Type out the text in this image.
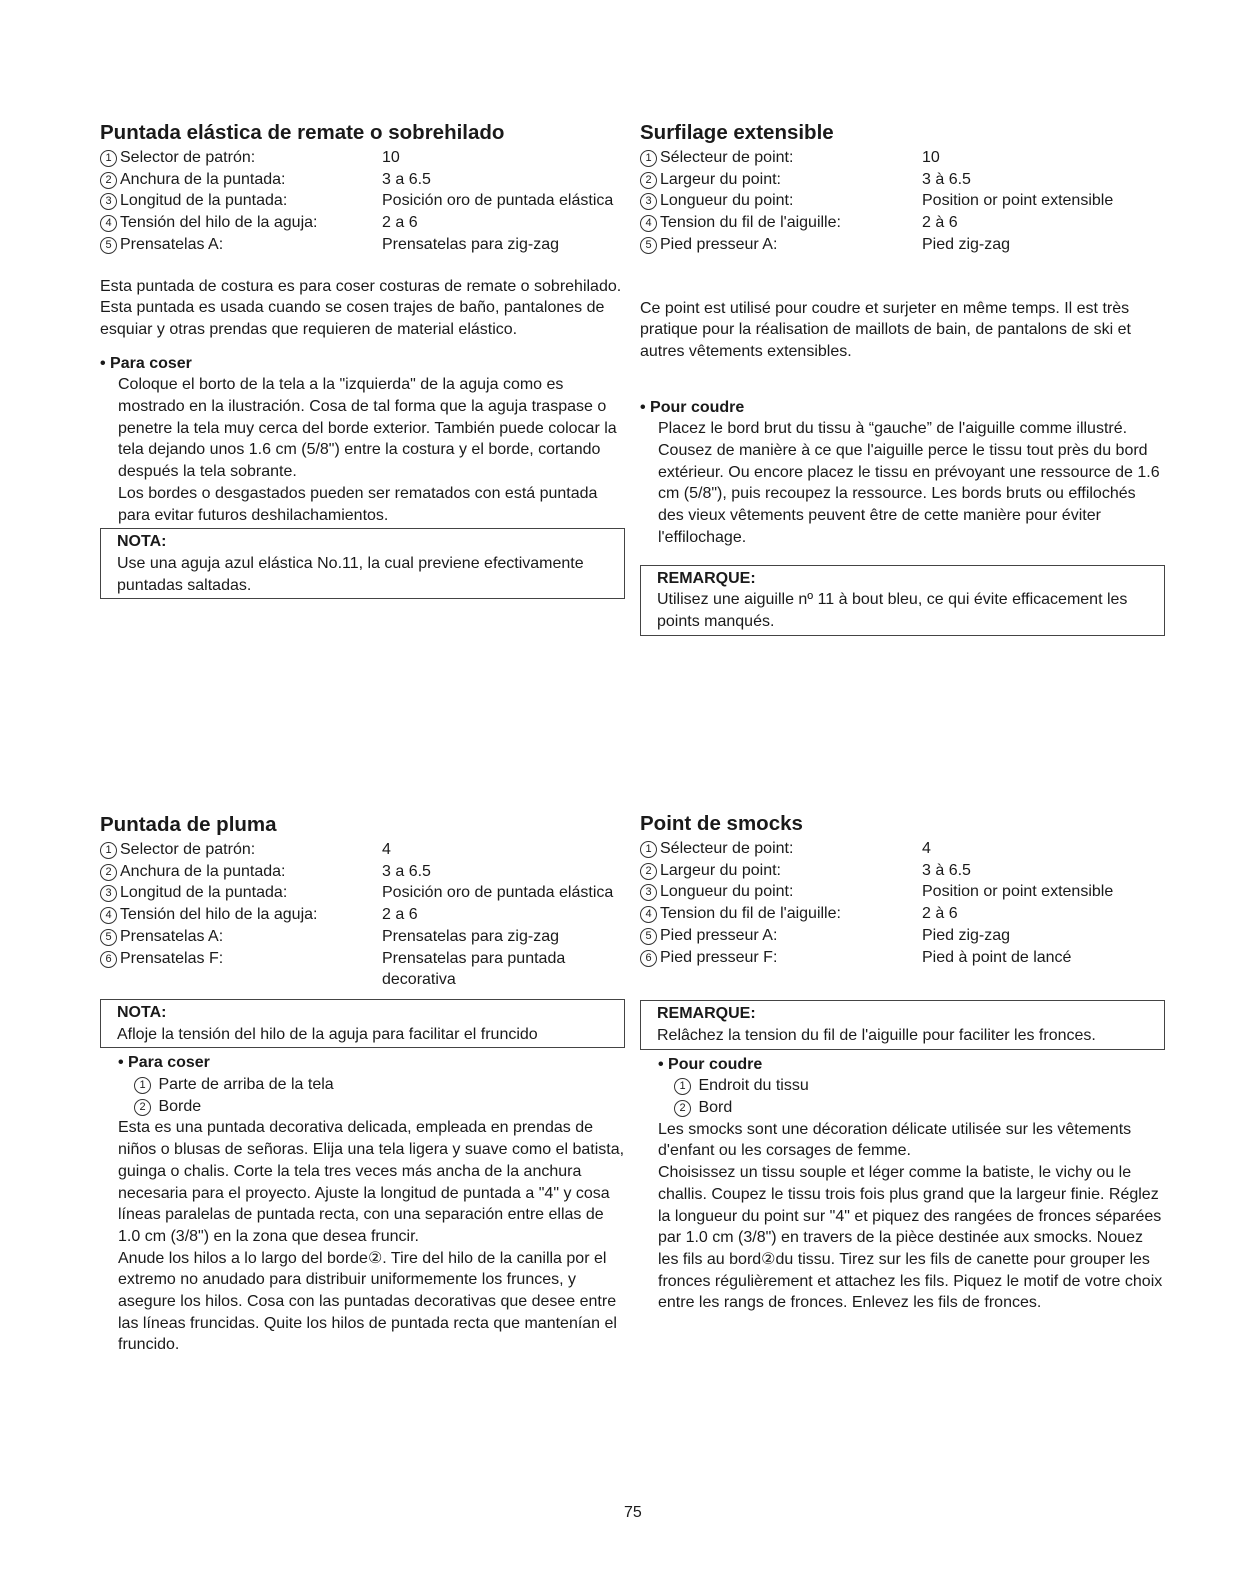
Puntada elástica de remate o sobrehilado
1 Selector de patrón:	10
2 Anchura de la puntada:	3 a 6.5
3 Longitud de la puntada:	Posición oro de puntada elástica
4 Tensión del hilo de la aguja:	2 a 6
5 Prensatelas A:	Prensatelas para zig-zag

Esta puntada de costura es para coser costuras de remate o sobrehilado. Esta puntada es usada cuando se cosen trajes de baño, pantalones de esquiar y otras prendas que requieren de material elástico.

• Para coser

Coloque el borto de la tela a la "izquierda" de la aguja como es mostrado en la ilustración. Cosa de tal forma que la aguja traspase o penetre la tela muy cerca del borde exterior. También puede colocar la tela dejando unos 1.6 cm (5/8") entre la costura y el borde, cortando después la tela sobrante.

Los bordes o desgastados pueden ser rematados con está puntada para evitar futuros deshilachamientos.

NOTA:
Use una aguja azul elástica No.11, la cual previene efectivamente puntadas saltadas.
Surfilage extensible
1 Sélecteur de point:	10
2 Largeur du point:	3 à 6.5
3 Longueur du point:	Position or point extensible
4 Tension du fil de l'aiguille:	2 à 6
5 Pied presseur A:	Pied zig-zag

Ce point est utilisé pour coudre et surjeter en même temps. Il est très pratique pour la réalisation de maillots de bain, de pantalons de ski et autres vêtements extensibles.

• Pour coudre

Placez le bord brut du tissu à “gauche” de l'aiguille comme illustré. Cousez de manière à ce que l'aiguille perce le tissu tout près du bord extérieur. Ou encore placez le tissu en prévoyant une ressource de 1.6 cm (5/8"), puis recoupez la ressource. Les bords bruts ou effilochés des vieux vêtements peuvent être de cette manière pour éviter l'effilochage.

REMARQUE:
Utilisez une aiguille nº 11 à bout bleu, ce qui évite efficacement les points manqués.
Puntada de pluma
1 Selector de patrón:	4
2 Anchura de la puntada:	3 a 6.5
3 Longitud de la puntada:	Posición oro de puntada elástica
4 Tensión del hilo de la aguja:	2 a 6
5 Prensatelas A:	Prensatelas para zig-zag
6 Prensatelas F:	Prensatelas para puntada decorativa
NOTA:
Afloje la tensión del hilo de la aguja para facilitar el fruncido

• Para coser

1 Parte de arriba de la tela
2 Borde

Esta es una puntada decorativa delicada, empleada en prendas de niños o blusas de señoras. Elija una tela ligera y suave como el batista, guinga o chalis. Corte la tela tres veces más ancha de la anchura necesaria para el proyecto. Ajuste la longitud de puntada a "4" y cosa líneas paralelas de puntada recta, con una separación entre ellas de 1.0 cm (3/8") en la zona que desea fruncir.

Anude los hilos a lo largo del borde②. Tire del hilo de la canilla por el extremo no anudado para distribuir uniformemente los frunces, y asegure los hilos. Cosa con las puntadas decorativas que desee entre las líneas fruncidas. Quite los hilos de puntada recta que mantenían el fruncido.

Point de smocks
1 Sélecteur de point:	4
2 Largeur du point:	3 à 6.5
3 Longueur du point:	Position or point extensible
4 Tension du fil de l'aiguille:	2 à 6
5 Pied presseur A:	Pied zig-zag
6 Pied presseur F:	Pied à point de lancé
REMARQUE:
Relâchez la tension du fil de l'aiguille pour faciliter les fronces.

• Pour coudre

1 Endroit du tissu
2 Bord

Les smocks sont une décoration délicate utilisée sur les vêtements d'enfant ou les corsages de femme.

Choisissez un tissu souple et léger comme la batiste, le vichy ou le challis. Coupez le tissu trois fois plus grand que la largeur finie. Réglez la longueur du point sur "4" et piquez des rangées de fronces séparées par 1.0 cm (3/8") en travers de la pièce destinée aux smocks. Nouez les fils au bord②du tissu. Tirez sur les fils de canette pour grouper les fronces régulièrement et attachez les fils. Piquez le motif de votre choix entre les rangs de fronces. Enlevez les fils de fronces.

75
